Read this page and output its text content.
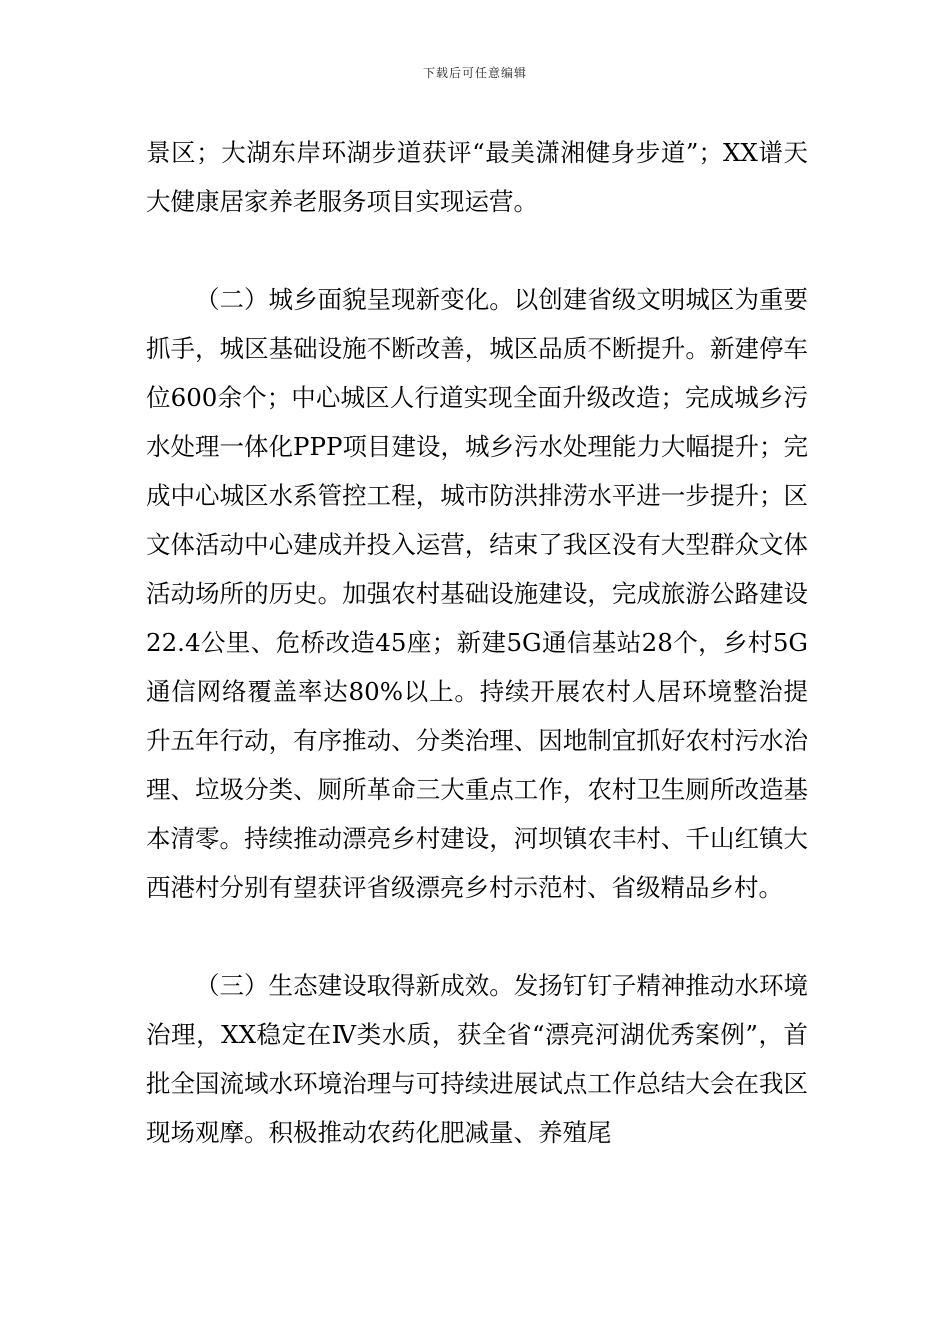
下载后可任意编辑

景区；大湖东岸环湖步道获评“最美潇湘健身步道”；XX谱天大健康居家养老服务项目实现运营。

（二）城乡面貌呈现新变化。以创建省级文明城区为重要抓手，城区基础设施不断改善，城区品质不断提升。新建停车位600余个；中心城区人行道实现全面升级改造；完成城乡污水处理一体化PPP项目建设，城乡污水处理能力大幅提升；完成中心城区水系管控工程，城市防洪排涝水平进一步提升；区文体活动中心建成并投入运营，结束了我区没有大型群众文体活动场所的历史。加强农村基础设施建设，完成旅游公路建设22.4公里、危桥改造45座；新建5G通信基站28个，乡村5G通信网络覆盖率达80%以上。持续开展农村人居环境整治提升五年行动，有序推动、分类治理、因地制宜抓好农村污水治理、垃圾分类、厕所革命三大重点工作，农村卫生厕所改造基本清零。持续推动漂亮乡村建设，河坝镇农丰村、千山红镇大西港村分别有望获评省级漂亮乡村示范村、省级精品乡村。

（三）生态建设取得新成效。发扬钉钉子精神推动水环境治理，XX稳定在Ⅳ类水质，获全省“漂亮河湖优秀案例”，首批全国流域水环境治理与可持续进展试点工作总结大会在我区现场观摩。积极推动农药化肥减量、养殖尾
